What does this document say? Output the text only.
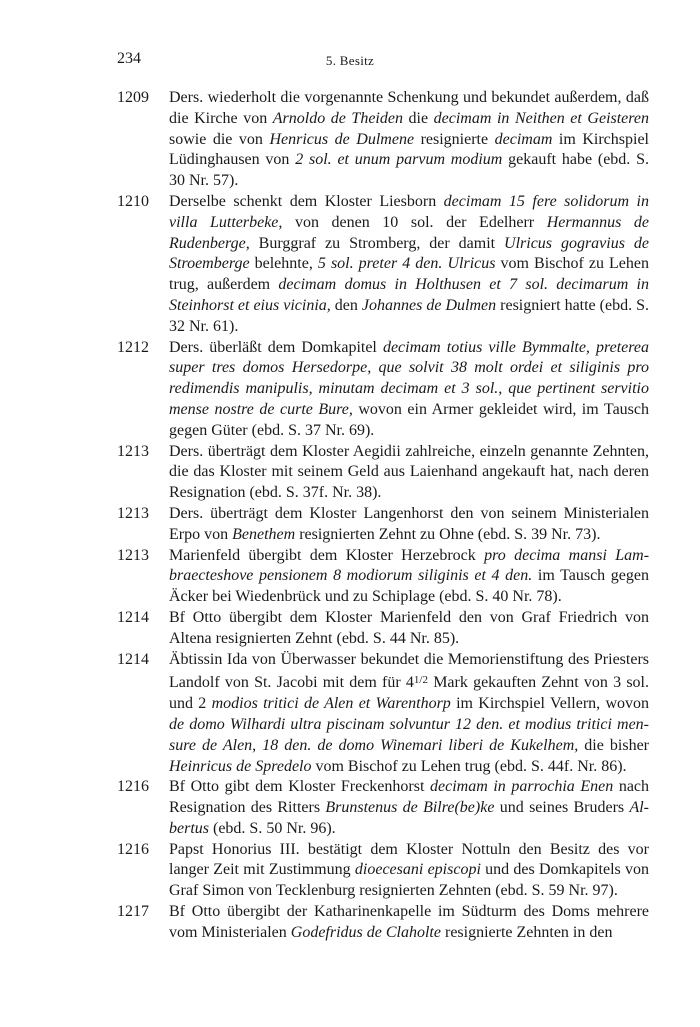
234	5. Besitz
1209	Ders. wiederholt die vorgenannte Schenkung und bekundet außerdem, daß die Kirche von Arnoldo de Theiden die decimam in Neithen et Geisteren sowie die von Henricus de Dulmene resignierte decimam im Kirchspiel Lüdinghausen von 2 sol. et unum parvum modium gekauft habe (ebd. S. 30 Nr. 57).
1210	Derselbe schenkt dem Kloster Liesborn decimam 15 fere solidorum in villa Lutterbeke, von denen 10 sol. der Edelherr Hermannus de Rudenberge, Burggraf zu Stromberg, der damit Ulricus gogravius de Stroemberge belehnte, 5 sol. preter 4 den. Ulricus vom Bischof zu Lehen trug, außerdem decimam domus in Holthusen et 7 sol. decimarum in Steinhorst et eius vicinia, den Johannes de Dulmen resigniert hatte (ebd. S. 32 Nr. 61).
1212	Ders. überläßt dem Domkapitel decimam totius ville Bymmalte, preterea super tres domos Hersedorpe, que solvit 38 molt ordei et siliginis pro redimendis manipulis, minutam decimam et 3 sol., que pertinent servitio mense nostre de curte Bure, wovon ein Armer gekleidet wird, im Tausch gegen Güter (ebd. S. 37 Nr. 69).
1213	Ders. überträgt dem Kloster Aegidii zahlreiche, einzeln genannte Zehnten, die das Kloster mit seinem Geld aus Laienhand angekauft hat, nach deren Resignation (ebd. S. 37f. Nr. 38).
1213	Ders. überträgt dem Kloster Langenhorst den von seinem Ministerialen Erpo von Benethem resignierten Zehnt zu Ohne (ebd. S. 39 Nr. 73).
1213	Marienfeld übergibt dem Kloster Herzebrock pro decima mansi Lambraecteshove pensionem 8 modiorum siliginis et 4 den. im Tausch gegen Äcker bei Wiedenbrück und zu Schiplage (ebd. S. 40 Nr. 78).
1214	Bf Otto übergibt dem Kloster Marienfeld den von Graf Friedrich von Altena resignierten Zehnt (ebd. S. 44 Nr. 85).
1214	Äbtissin Ida von Überwasser bekundet die Memorienstiftung des Priesters Landolf von St. Jacobi mit dem für $4^{1/2}$ Mark gekauften Zehnt von 3 sol. und 2 modios tritici de Alen et Warenthorp im Kirchspiel Vellern, wovon de domo Wilhardi ultra piscinam solvuntur 12 den. et modius tritici mensure de Alen, 18 den. de domo Winemari liberi de Kukelhem, die bisher Heinricus de Spredelo vom Bischof zu Lehen trug (ebd. S. 44f. Nr. 86).
1216	Bf Otto gibt dem Kloster Freckenhorst decimam in parrochia Enen nach Resignation des Ritters Brunstenus de Bilre(be)ke und seines Bruders Albertus (ebd. S. 50 Nr. 96).
1216	Papst Honorius III. bestätigt dem Kloster Nottuln den Besitz des vor langer Zeit mit Zustimmung dioecesani episcopi und des Domkapitels von Graf Simon von Tecklenburg resignierten Zehnten (ebd. S. 59 Nr. 97).
1217	Bf Otto übergibt der Katharinenkapelle im Südturm des Doms mehrere vom Ministerialen Godefridus de Claholte resignierte Zehnten in den
